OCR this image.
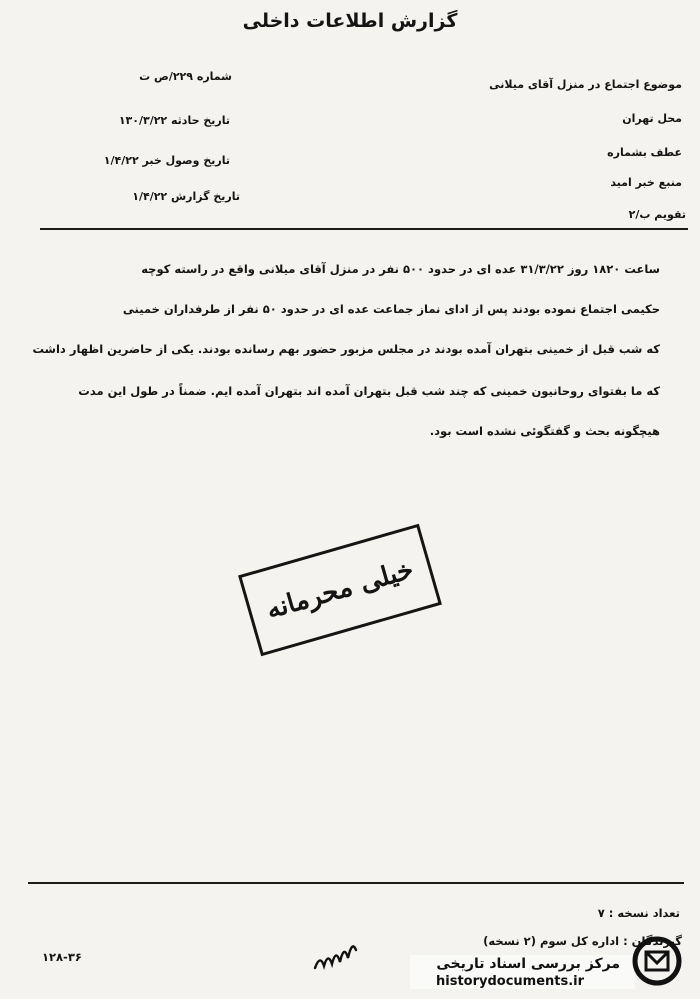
گزارش اطلاعات داخلی
شماره ۲۲۹/ص ت
تاریخ حادثه ۱۳۰/۳/۲۲
تاریخ وصول خبر ۱/۴/۲۲
تاریخ گزارش ۱/۴/۲۲
موضوع اجتماع در منزل آقای میلانی
محل تهران
عطف بشماره
منبع خبر امید
تقویم ب/۲
ساعت ۱۸۲۰ روز ۳۱/۳/۲۲ عده ای در حدود ۵۰۰ نفر در منزل آقای میلانی واقع در راسته کوچه
حکیمی اجتماع نموده بودند پس از ادای نماز جماعت عده ای در حدود ۵۰ نفر از طرفداران خمینی
که شب قبل از خمینی بتهران آمده بودند در مجلس مزبور حضور بهم رسانده بودند. یکی از حاضرین اظهار داشت
که ما بفتوای روحانیون خمینی که چند شب قبل بتهران آمده اند بتهران آمده ایم. ضمناً در طول این مدت
هیچگونه بحث و گفتگوئی نشده است بود.
خیلی محرمانه
تعداد نسخه : ۷
گیرندگان : اداره کل سوم (۲ نسخه)
۱۲۸-۳۶	مرکز بررسی اسناد تاریخی
historydocuments.ir
